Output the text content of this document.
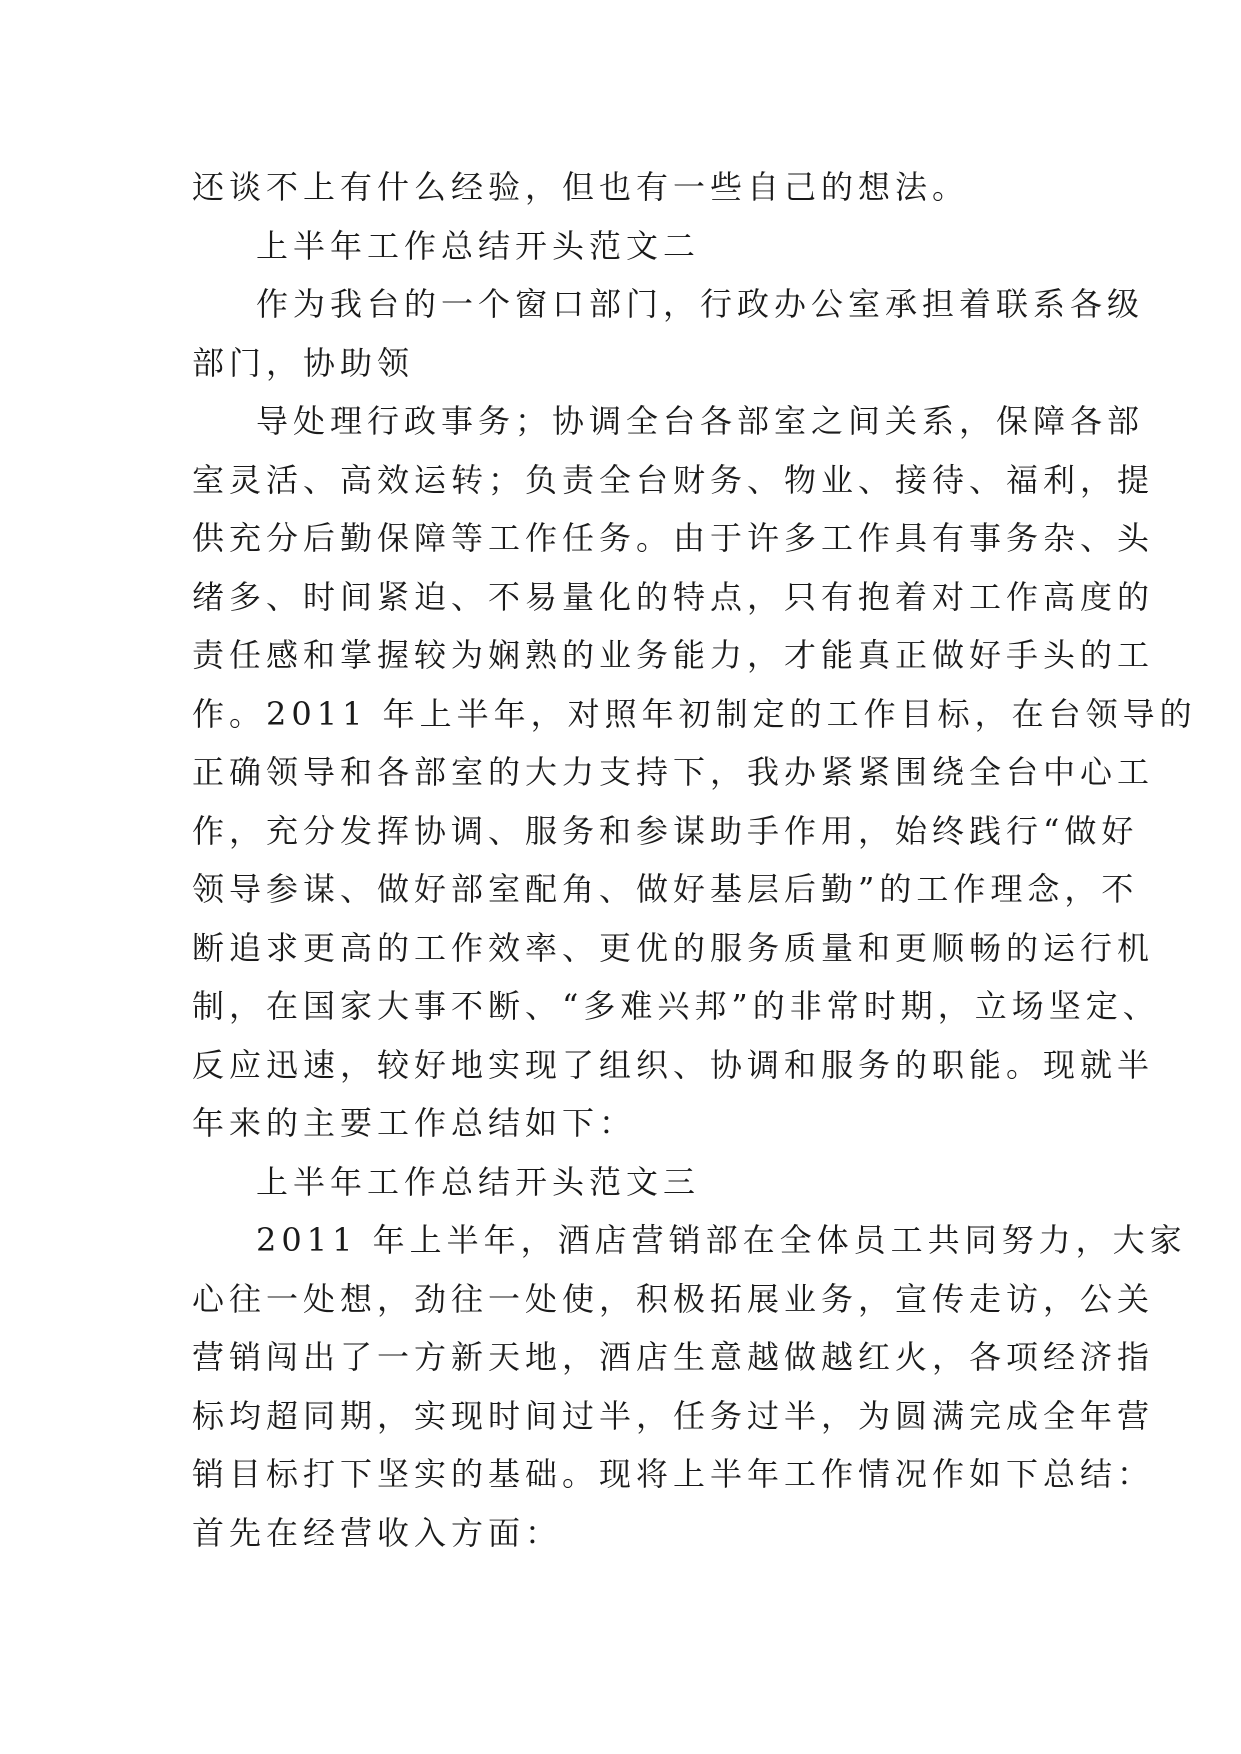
还谈不上有什么经验，但也有一些自己的想法。
上半年工作总结开头范文二
作为我台的一个窗口部门，行政办公室承担着联系各级
部门，协助领
导处理行政事务；协调全台各部室之间关系，保障各部
室灵活、高效运转；负责全台财务、物业、接待、福利，提
供充分后勤保障等工作任务。由于许多工作具有事务杂、头
绪多、时间紧迫、不易量化的特点，只有抱着对工作高度的
责任感和掌握较为娴熟的业务能力，才能真正做好手头的工
作。2011 年上半年，对照年初制定的工作目标，在台领导的
正确领导和各部室的大力支持下，我办紧紧围绕全台中心工
作，充分发挥协调、服务和参谋助手作用，始终践行“做好
领导参谋、做好部室配角、做好基层后勤”的工作理念，不
断追求更高的工作效率、更优的服务质量和更顺畅的运行机
制，在国家大事不断、“多难兴邦”的非常时期，立场坚定、
反应迅速，较好地实现了组织、协调和服务的职能。现就半
年来的主要工作总结如下：
上半年工作总结开头范文三
2011 年上半年，酒店营销部在全体员工共同努力，大家
心往一处想，劲往一处使，积极拓展业务，宣传走访，公关
营销闯出了一方新天地，酒店生意越做越红火，各项经济指
标均超同期，实现时间过半，任务过半，为圆满完成全年营
销目标打下坚实的基础。现将上半年工作情况作如下总结：
首先在经营收入方面：
